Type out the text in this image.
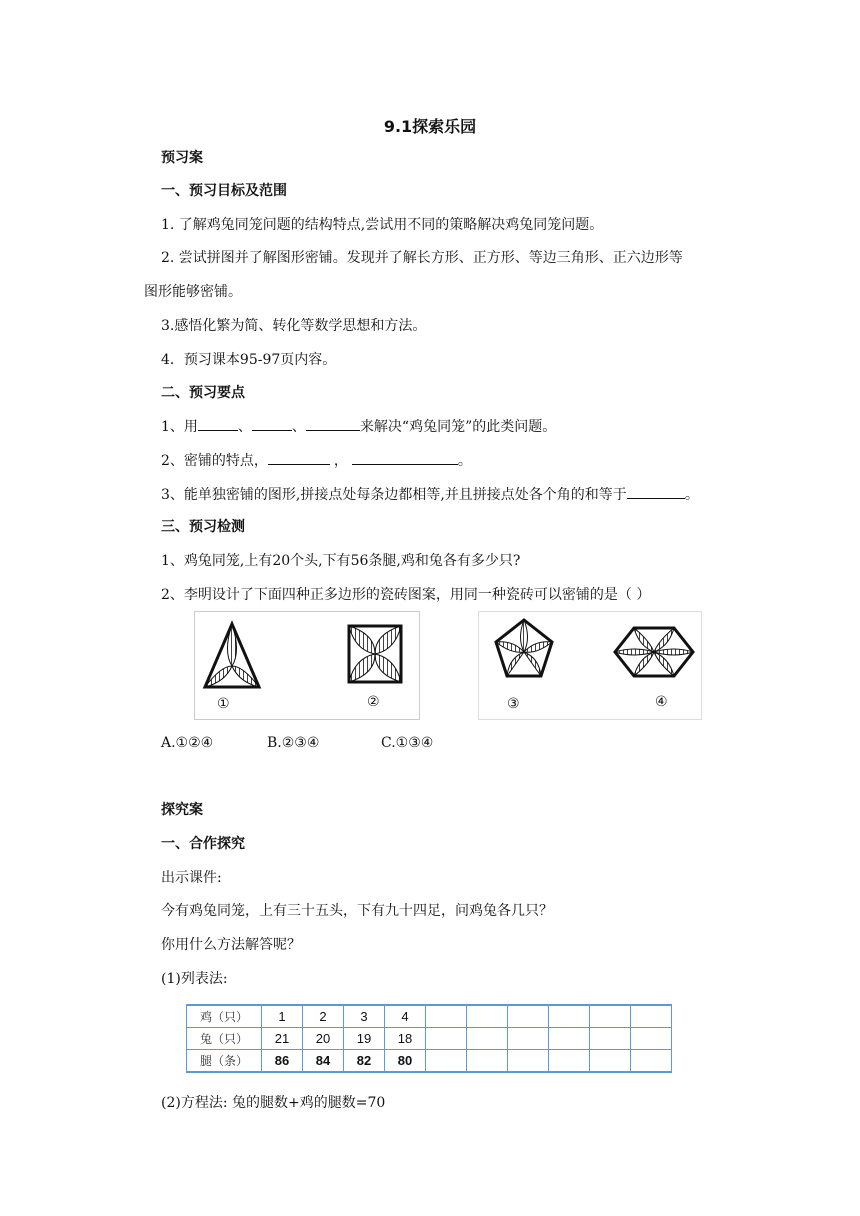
9.1探索乐园
预习案
一、预习目标及范围
1. 了解鸡兔同笼问题的结构特点,尝试用不同的策略解决鸡兔同笼问题。
2. 尝试拼图并了解图形密铺。发现并了解长方形、正方形、等边三角形、正六边形等
图形能够密铺。
3.感悟化繁为简、转化等数学思想和方法。
4．预习课本95-97页内容。
二、预习要点
1、用	、	、	来解决“鸡兔同笼”的此类问题。
2、密铺的特点，	，	。
3、能单独密铺的图形,拼接点处每条边都相等,并且拼接点处各个角的和等于	。
三、预习检测
1、鸡兔同笼,上有20个头,下有56条腿,鸡和兔各有多少只?
2、李明设计了下面四种正多边形的瓷砖图案，用同一种瓷砖可以密铺的是（ ）
①	②	③	④
A.①②④	B.②③④	C.①③④
探究案
一、合作探究
出示课件:
今有鸡兔同笼，上有三十五头，下有九十四足，问鸡兔各几只？
你用什么方法解答呢？
(1)列表法:
鸡（只）	1	2	3	4						
兔（只）	21	20	19	18						
腿（条）	86	84	82	80						
(2)方程法: 兔的腿数+鸡的腿数=70
